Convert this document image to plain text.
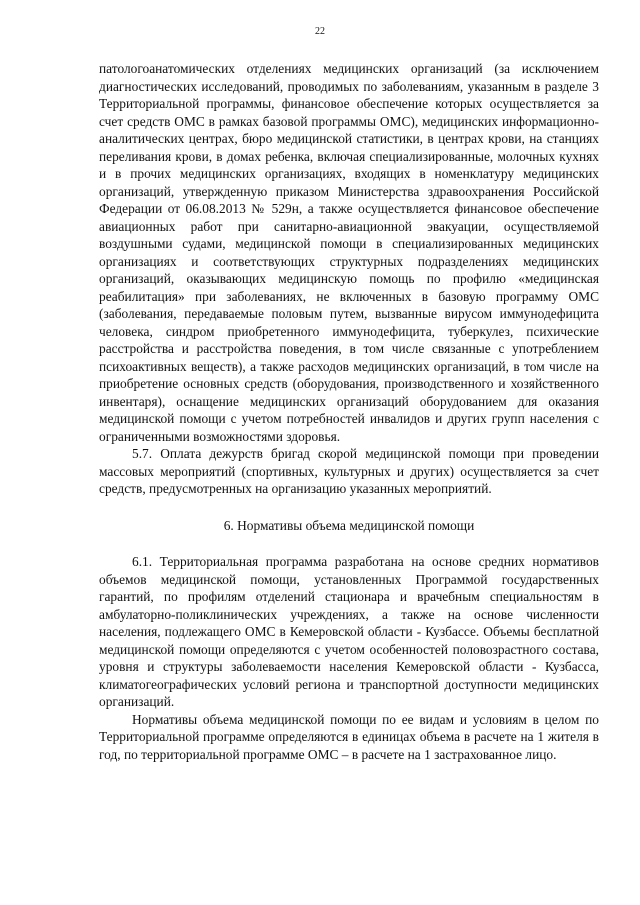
22

патологоанатомических отделениях медицинских организаций (за исключением диагностических исследований, проводимых по заболеваниям, указанным в разделе 3 Территориальной программы, финансовое обеспечение которых осуществляется за счет средств ОМС в рамках базовой программы ОМС), медицинских информационно-аналитических центрах, бюро медицинской статистики, в центрах крови, на станциях переливания крови, в домах ребенка, включая специализированные, молочных кухнях и в прочих медицинских организациях, входящих в номенклатуру медицинских организаций, утвержденную приказом Министерства здравоохранения Российской Федерации от 06.08.2013 № 529н, а также осуществляется финансовое обеспечение авиационных работ при санитарно-авиационной эвакуации, осуществляемой воздушными судами, медицинской помощи в специализированных медицинских организациях и соответствующих структурных подразделениях медицинских организаций, оказывающих медицинскую помощь по профилю «медицинская реабилитация» при заболеваниях, не включенных в базовую программу ОМС (заболевания, передаваемые половым путем, вызванные вирусом иммунодефицита человека, синдром приобретенного иммунодефицита, туберкулез, психические расстройства и расстройства поведения, в том числе связанные с употреблением психоактивных веществ), а также расходов медицинских организаций, в том числе на приобретение основных средств (оборудования, производственного и хозяйственного инвентаря), оснащение медицинских организаций оборудованием для оказания медицинской помощи с учетом потребностей инвалидов и других групп населения с ограниченными возможностями здоровья.

5.7. Оплата дежурств бригад скорой медицинской помощи при проведении массовых мероприятий (спортивных, культурных и других) осуществляется за счет средств, предусмотренных на организацию указанных мероприятий.

6. Нормативы объема медицинской помощи

6.1. Территориальная программа разработана на основе средних нормативов объемов медицинской помощи, установленных Программой государственных гарантий, по профилям отделений стационара и врачебным специальностям в амбулаторно-поликлинических учреждениях, а также на основе численности населения, подлежащего ОМС в Кемеровской области - Кузбассе. Объемы бесплатной медицинской помощи определяются с учетом особенностей половозрастного состава, уровня и структуры заболеваемости населения Кемеровской области - Кузбасса, климатогеографических условий региона и транспортной доступности медицинских организаций.

Нормативы объема медицинской помощи по ее видам и условиям в целом по Территориальной программе определяются в единицах объема в расчете на 1 жителя в год, по территориальной программе ОМС – в расчете на 1 застрахованное лицо.
